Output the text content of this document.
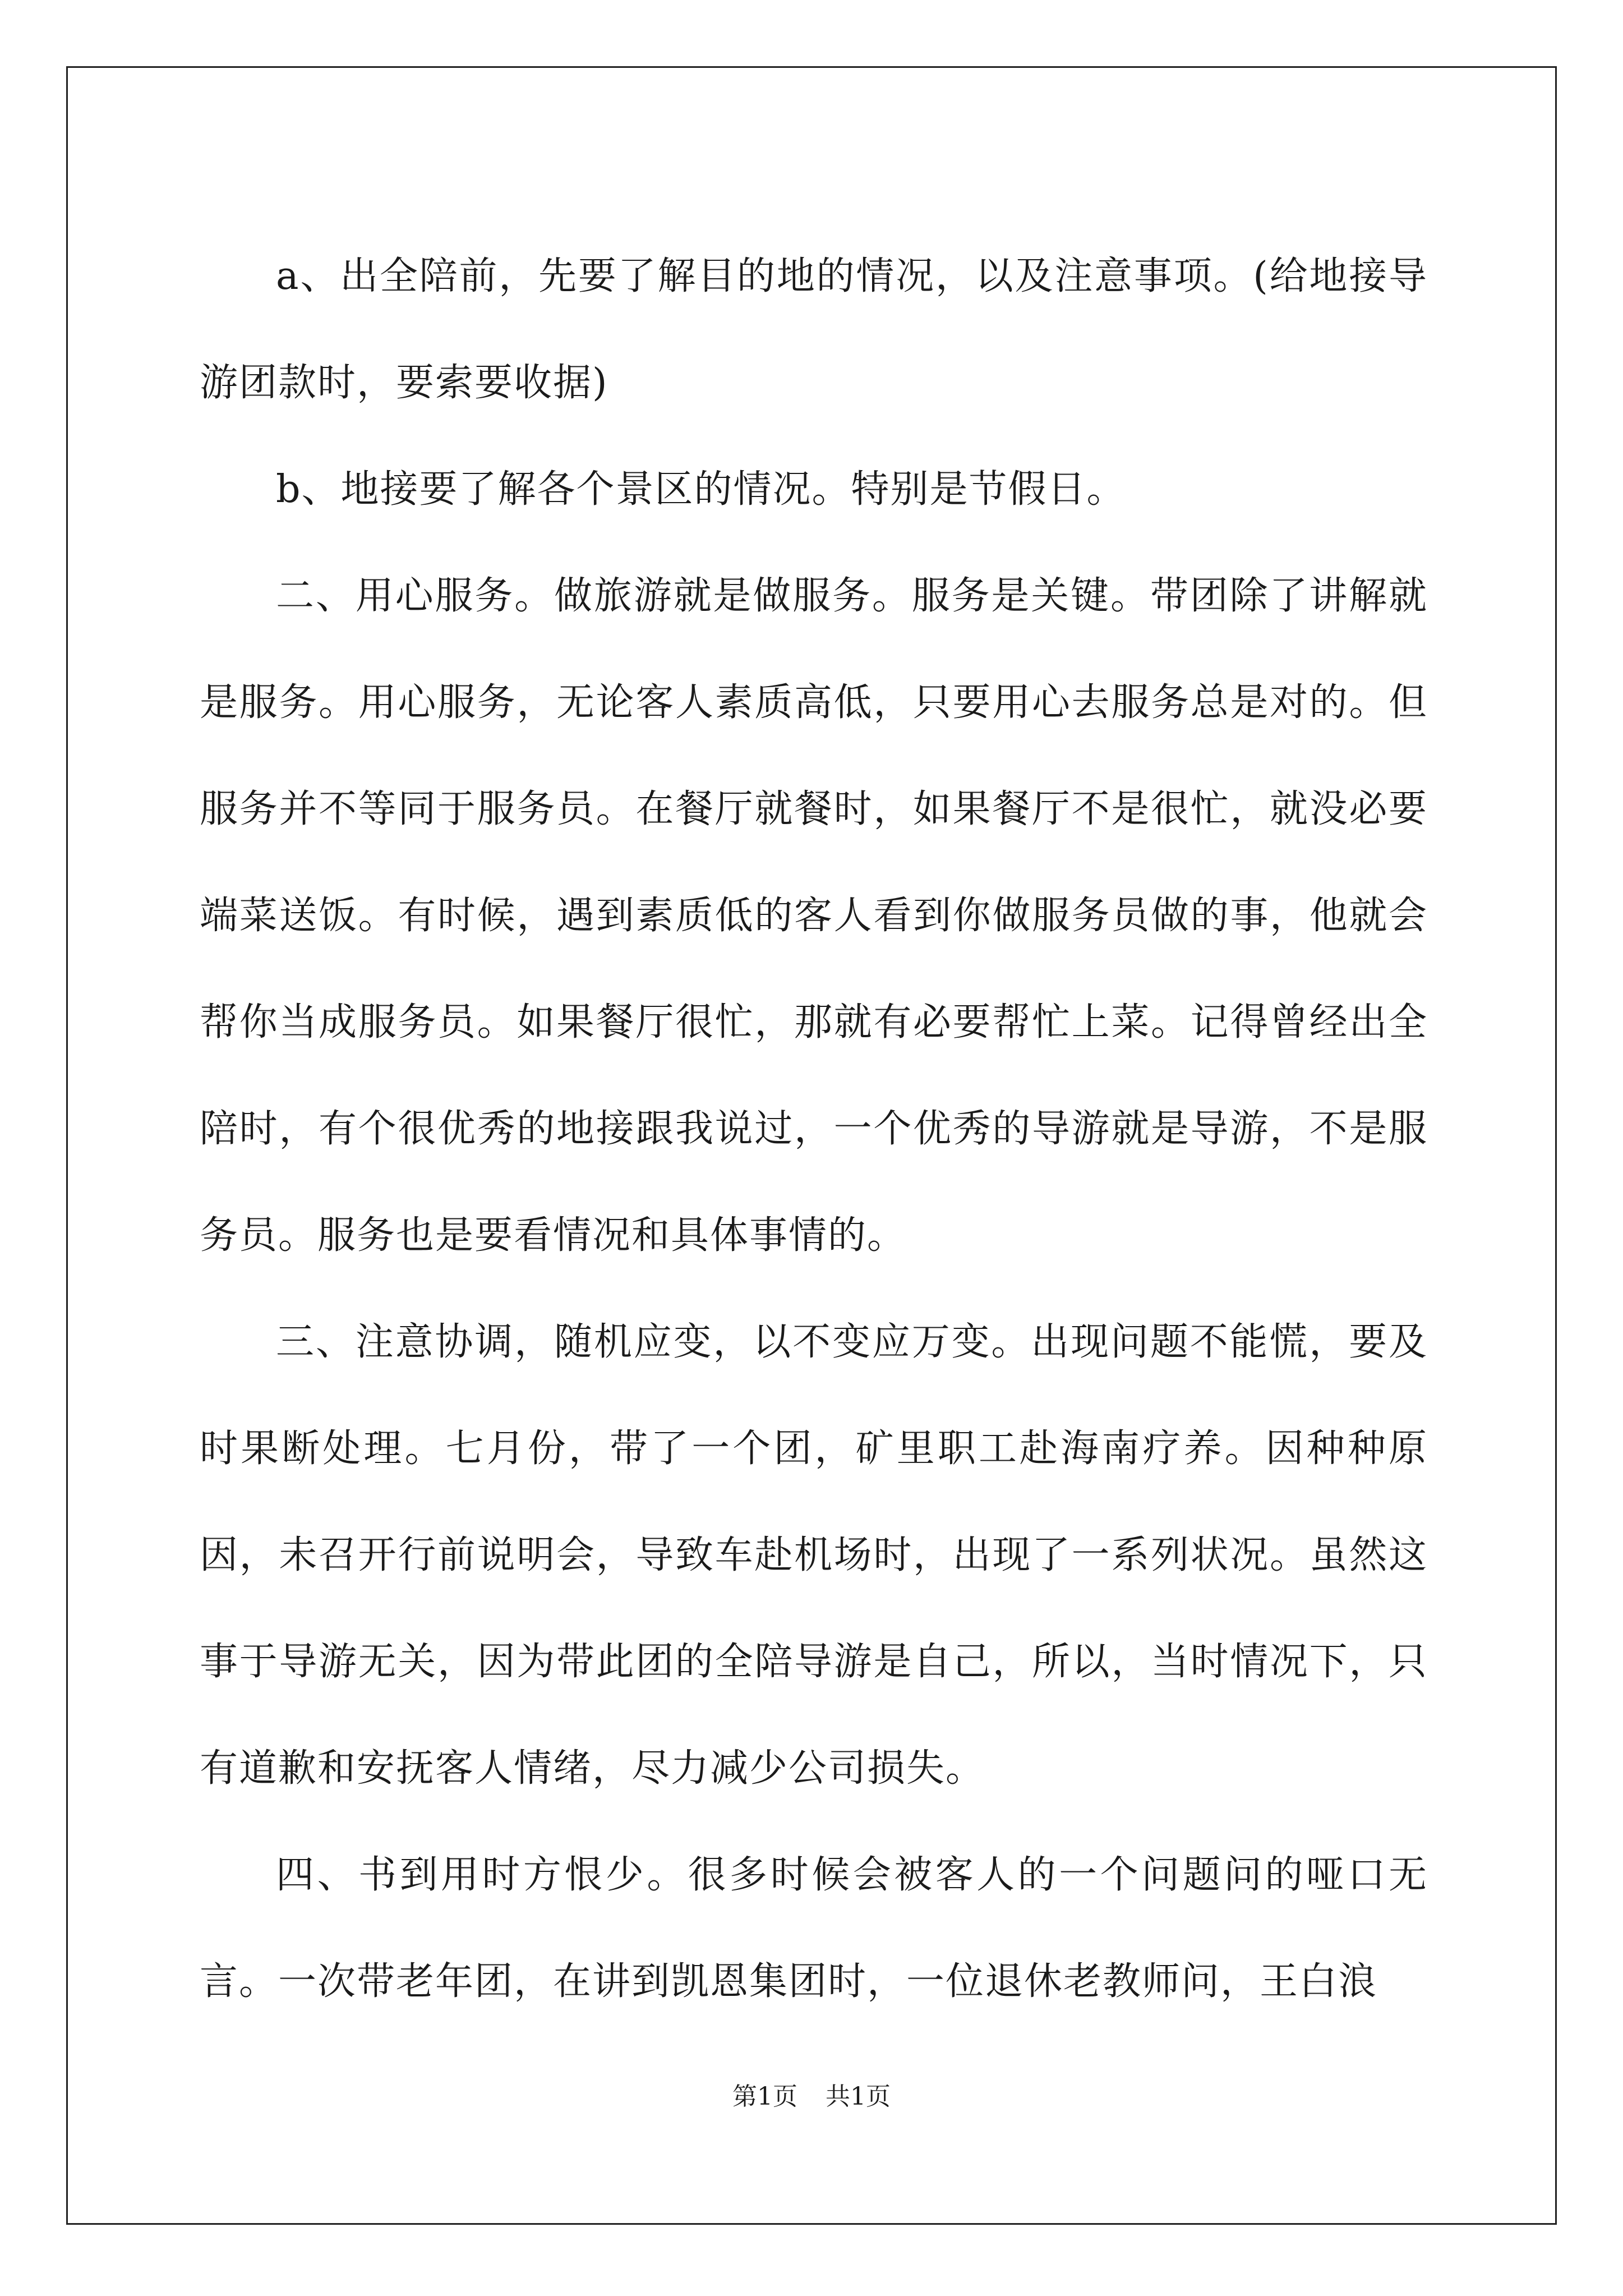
a、出全陪前，先要了解目的地的情况，以及注意事项。(给地接导游团款时，要索要收据)

b、地接要了解各个景区的情况。特别是节假日。

二、用心服务。做旅游就是做服务。服务是关键。带团除了讲解就是服务。用心服务，无论客人素质高低，只要用心去服务总是对的。但服务并不等同于服务员。在餐厅就餐时，如果餐厅不是很忙，就没必要端菜送饭。有时候，遇到素质低的客人看到你做服务员做的事，他就会帮你当成服务员。如果餐厅很忙，那就有必要帮忙上菜。记得曾经出全陪时，有个很优秀的地接跟我说过，一个优秀的导游就是导游，不是服务员。服务也是要看情况和具体事情的。

三、注意协调，随机应变，以不变应万变。出现问题不能慌，要及时果断处理。七月份，带了一个团，矿里职工赴海南疗养。因种种原因，未召开行前说明会，导致车赴机场时，出现了一系列状况。虽然这事于导游无关，因为带此团的全陪导游是自己，所以，当时情况下，只有道歉和安抚客人情绪，尽力减少公司损失。

四、书到用时方恨少。很多时候会被客人的一个问题问的哑口无言。一次带老年团，在讲到凯恩集团时，一位退休老教师问，王白浪

第1页 共1页
